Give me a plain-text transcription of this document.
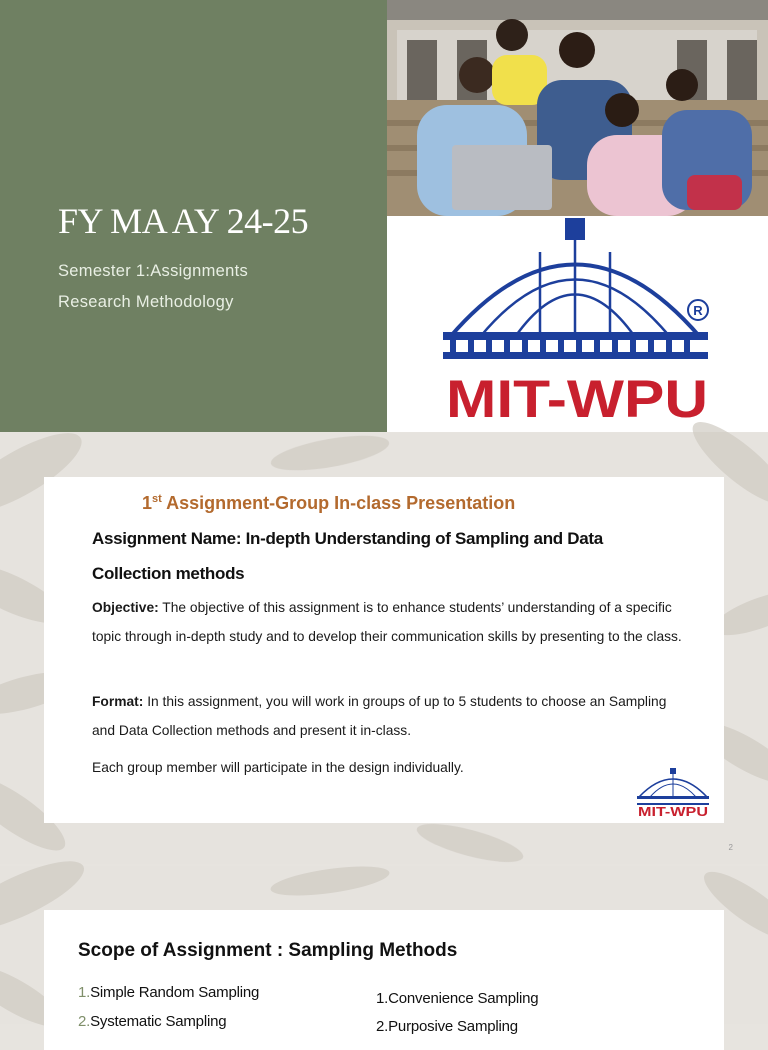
FY MA AY 24-25
Semester 1:Assignments
Research Methodology	R
MIT-WPU
1st Assignment-Group In-class Presentation
Assignment Name: In-depth Understanding of Sampling and Data Collection methods
Objective: The objective of this assignment is to enhance students’ understanding of a specific topic through in-depth study and to develop their communication skills by presenting to the class.
Format: In this assignment, you will work in groups of up to 5 students to choose an Sampling and Data Collection methods and present it in-class.
Each group member will participate in the design individually.
MIT-WPU
2
Scope of Assignment : Sampling Methods
1.Simple Random Sampling
2.Systematic Sampling
1.Convenience Sampling
2.Purposive Sampling
